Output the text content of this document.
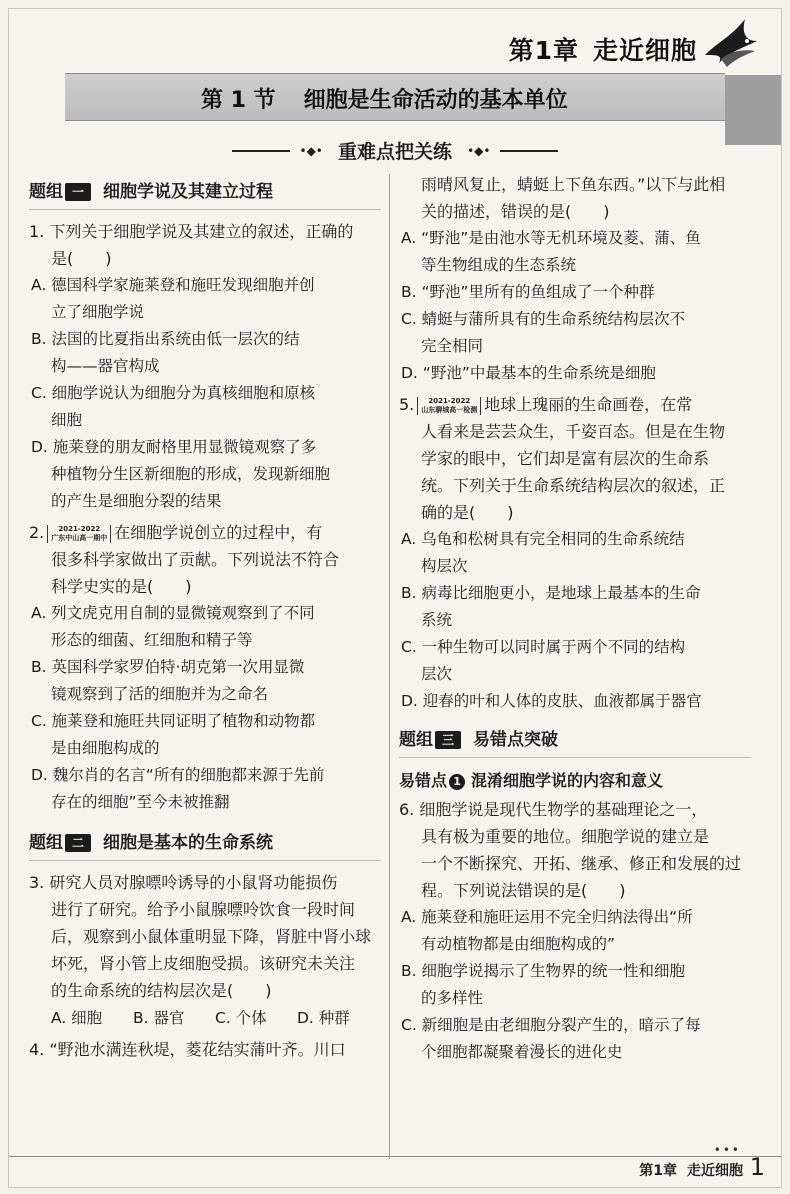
第1章 走近细胞
第 1 节 细胞是生命活动的基本单位
•◆• 重难点把关练 •◆•
题组 一 细胞学说及其建立过程
1. 下列关于细胞学说及其建立的叙述，正确的
是(　　)
A. 德国科学家施莱登和施旺发现细胞并创
立了细胞学说
B. 法国的比夏指出系统由低一层次的结
构——器官构成
C. 细胞学说认为细胞分为真核细胞和原核
细胞
D. 施莱登的朋友耐格里用显微镜观察了多
种植物分生区新细胞的形成，发现新细胞
的产生是细胞分裂的结果
2.	2021-2022
广东中山高一期中 在细胞学说创立的过程中，有
很多科学家做出了贡献。下列说法不符合
科学史实的是(　　)
A. 列文虎克用自制的显微镜观察到了不同
形态的细菌、红细胞和精子等
B. 英国科学家罗伯特·胡克第一次用显微
镜观察到了活的细胞并为之命名
C. 施莱登和施旺共同证明了植物和动物都
是由细胞构成的
D. 魏尔肖的名言“所有的细胞都来源于先前
存在的细胞”至今未被推翻
题组 二 细胞是基本的生命系统
3. 研究人员对腺嘌呤诱导的小鼠肾功能损伤
进行了研究。给予小鼠腺嘌呤饮食一段时间
后，观察到小鼠体重明显下降，肾脏中肾小球
坏死，肾小管上皮细胞受损。该研究未关注
的生命系统的结构层次是(　　)
A. 细胞 B. 器官 C. 个体 D. 种群
4. “野池水满连秋堤，菱花结实蒲叶齐。川口
雨晴风复止，蜻蜓上下鱼东西。”以下与此相
关的描述，错误的是(　　)
A. “野池”是由池水等无机环境及菱、蒲、鱼
等生物组成的生态系统
B. “野池”里所有的鱼组成了一个种群
C. 蜻蜓与蒲所具有的生命系统结构层次不
完全相同
D. “野池”中最基本的生命系统是细胞
5.	2021-2022
山东聊城高一检测 地球上瑰丽的生命画卷，在常
人看来是芸芸众生，千姿百态。但是在生物
学家的眼中，它们却是富有层次的生命系
统。下列关于生命系统结构层次的叙述，正
确的是(　　)
A. 乌龟和松树具有完全相同的生命系统结
构层次
B. 病毒比细胞更小，是地球上最基本的生命
系统
C. 一种生物可以同时属于两个不同的结构
层次
D. 迎春的叶和人体的皮肤、血液都属于器官
题组 三 易错点突破
易错点 1 混淆细胞学说的内容和意义
6. 细胞学说是现代生物学的基础理论之一，
具有极为重要的地位。细胞学说的建立是
一个不断探究、开拓、继承、修正和发展的过
程。下列说法错误的是(　　)
A. 施莱登和施旺运用不完全归纳法得出“所
有动植物都是由细胞构成的”
B. 细胞学说揭示了生物界的统一性和细胞
的多样性
C. 新细胞是由老细胞分裂产生的，暗示了每
个细胞都凝聚着漫长的进化史
•••
第1章 走近细胞 1
